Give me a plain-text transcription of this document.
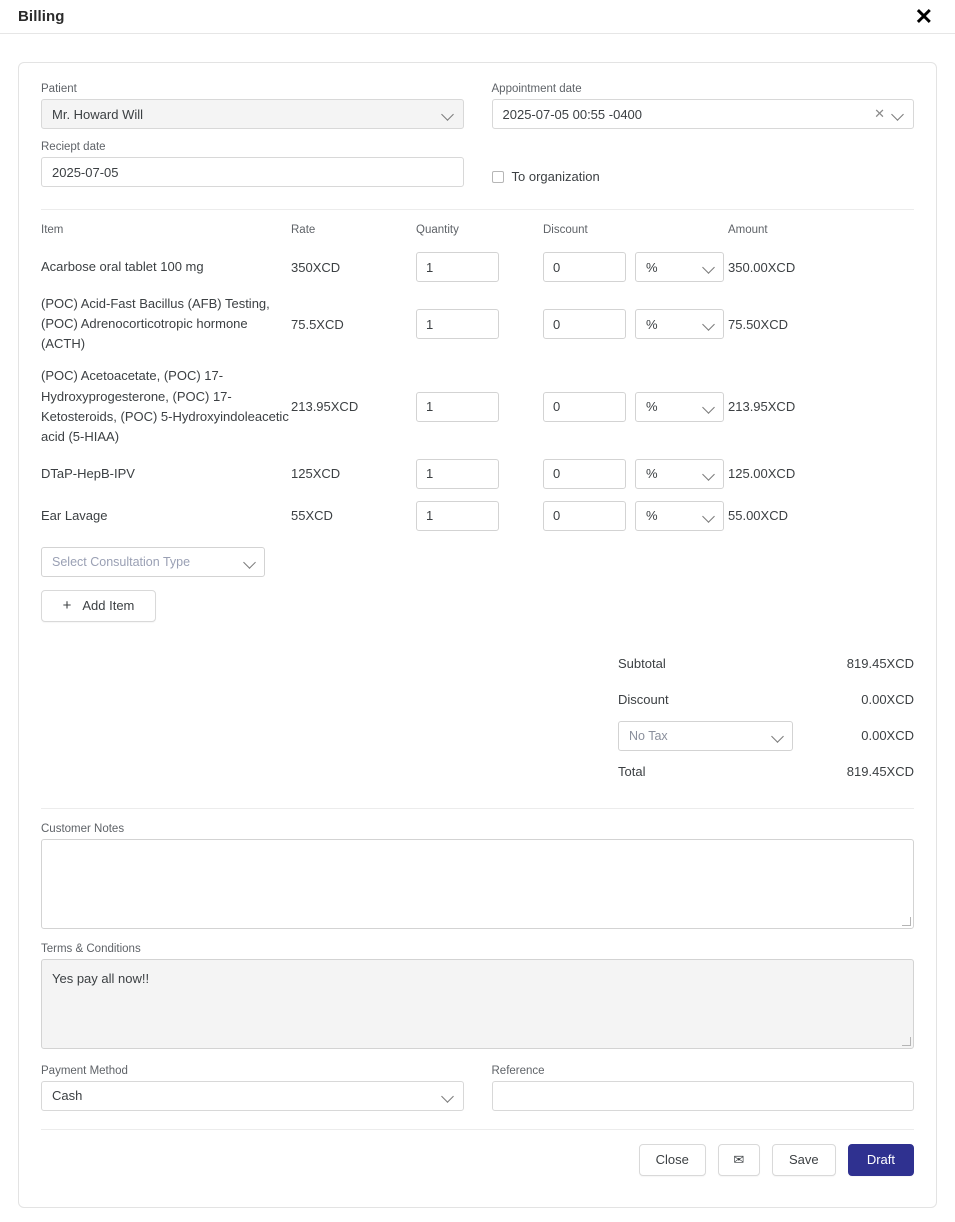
Billing	✕
Patient
Mr. Howard Will
Appointment date
2025-07-05 00:55 -0400	✕
Reciept date
2025-07-05	To organization
Item	Rate	Quantity	Discount	Amount
Acarbose oral tablet 100 mg	350XCD	1	0 %	350.00XCD
(POC) Acid-Fast Bacillus (AFB) Testing, (POC) Adrenocorticotropic hormone (ACTH)	75.5XCD	1	0 %	75.50XCD
(POC) Acetoacetate, (POC) 17-Hydroxyprogesterone, (POC) 17-Ketosteroids, (POC) 5-Hydroxyindoleacetic acid (5-HIAA)	213.95XCD	1	0 %	213.95XCD
DTaP-HepB-IPV	125XCD	1	0 %	125.00XCD
Ear Lavage	55XCD	1	0 %	55.00XCD
Select Consultation Type
+ Add Item
Subtotal	819.45XCD
Discount	0.00XCD
No Tax	0.00XCD
Total	819.45XCD
Customer Notes
Terms & Conditions
Yes pay all now!!
Payment Method
Cash
Reference
Close	✉	Save	Draft
